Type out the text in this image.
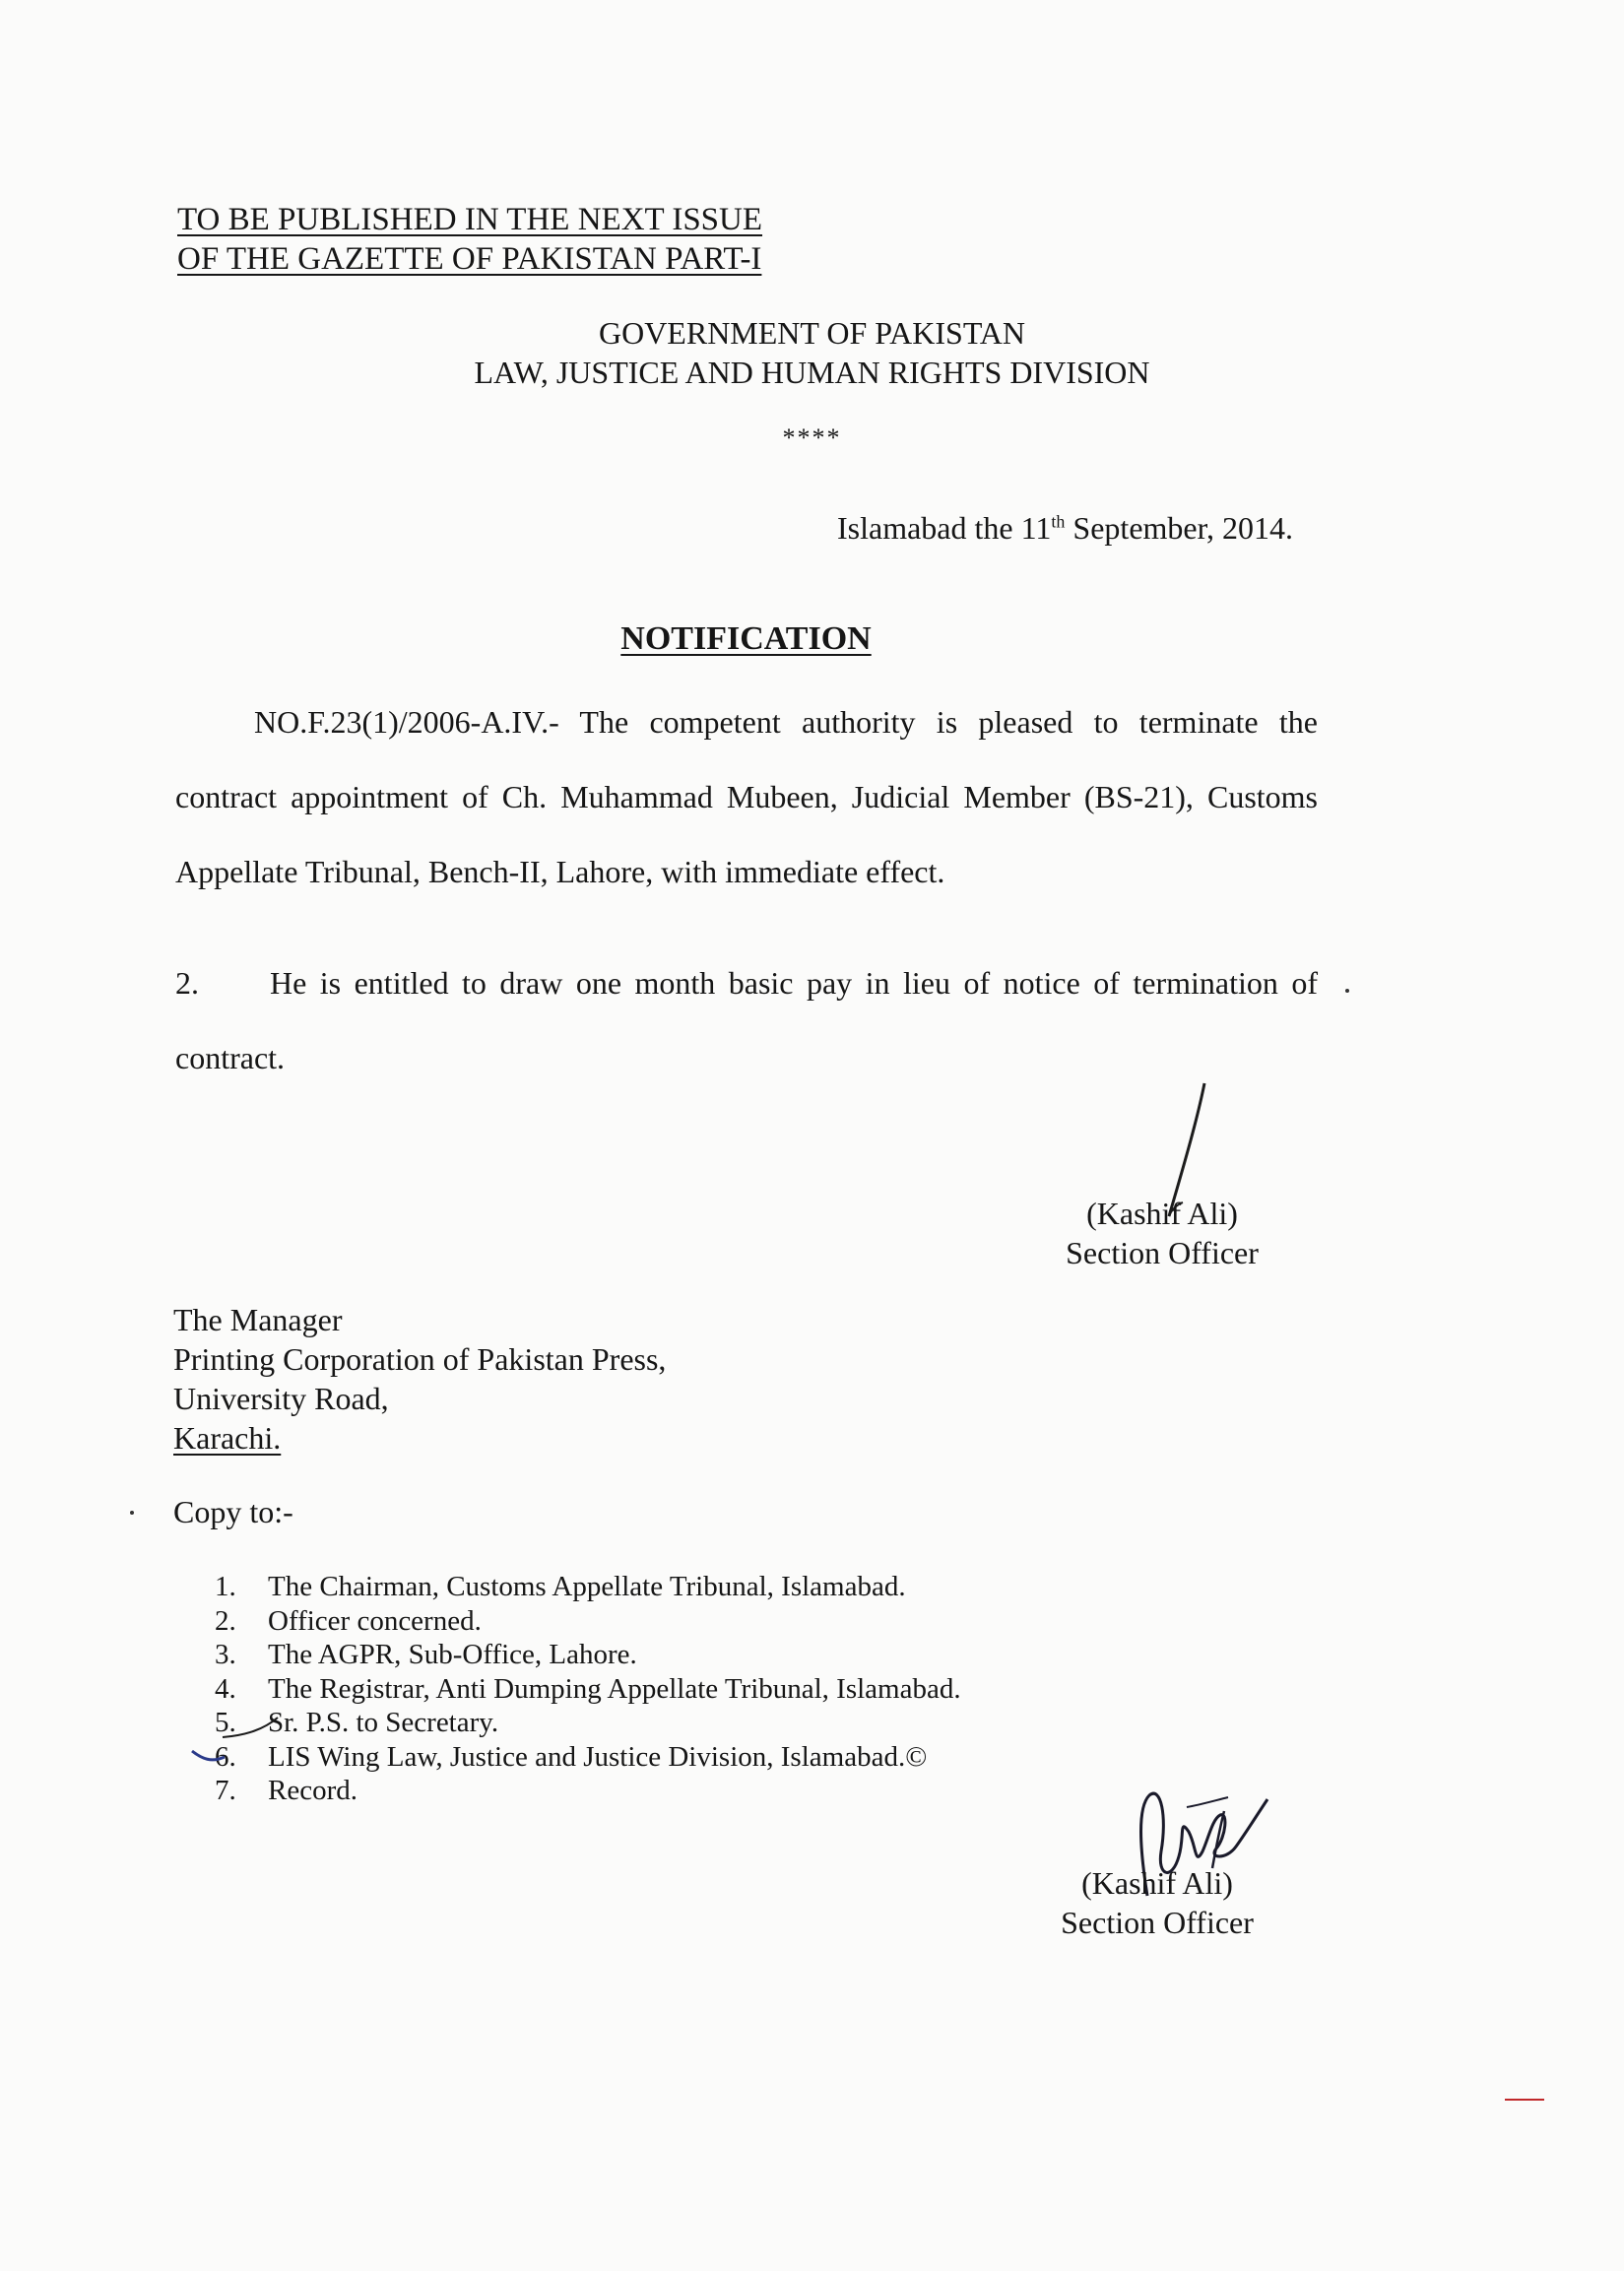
TO BE PUBLISHED IN THE NEXT ISSUE
OF THE GAZETTE OF PAKISTAN PART-I
GOVERNMENT OF PAKISTAN
LAW, JUSTICE AND HUMAN RIGHTS DIVISION
****
Islamabad the 11th September, 2014.
NOTIFICATION
NO.F.23(1)/2006-A.IV.- The competent authority is pleased to terminate the contract appointment of Ch. Muhammad Mubeen, Judicial Member (BS-21), Customs Appellate Tribunal, Bench-II, Lahore, with immediate effect.
2. He is entitled to draw one month basic pay in lieu of notice of termination of contract.
(Kashif Ali)
Section Officer
The Manager
Printing Corporation of Pakistan Press,
University Road,
Karachi.
Copy to:-
1.	The Chairman, Customs Appellate Tribunal, Islamabad.
2.	Officer concerned.
3.	The AGPR, Sub-Office, Lahore.
4.	The Registrar, Anti Dumping Appellate Tribunal, Islamabad.
5.	Sr. P.S. to Secretary.
6.	LIS Wing Law, Justice and Justice Division, Islamabad.©
7.	Record.
(Kashif Ali)
Section Officer
